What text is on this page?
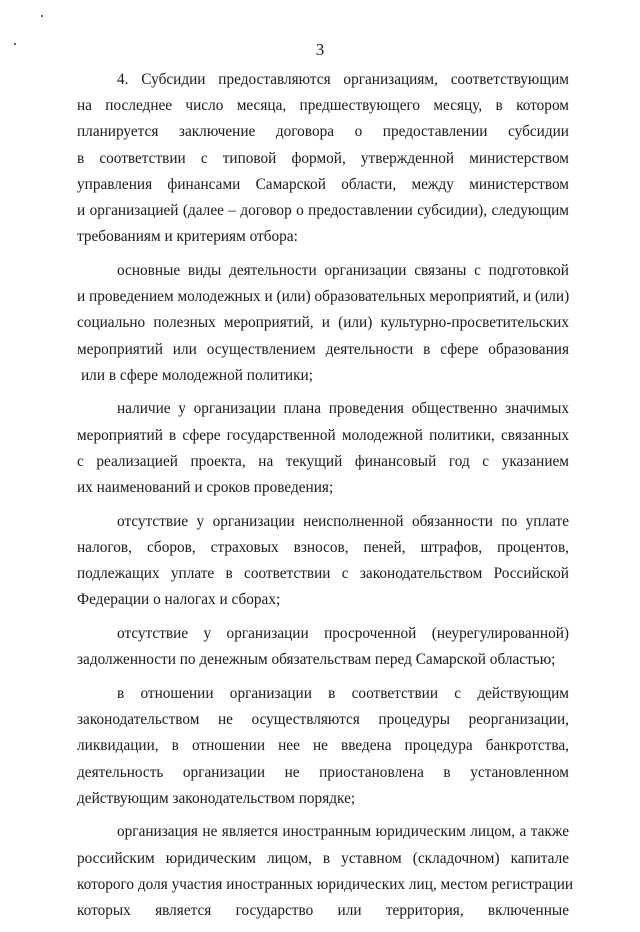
3
4. Субсидии предоставляются организациям, соответствующим
на последнее число месяца, предшествующего месяцу, в котором
планируется заключение договора о предоставлении субсидии
в соответствии с типовой формой, утвержденной министерством
управления финансами Самарской области, между министерством
и организацией (далее – договор о предоставлении субсидии), следующим
требованиям и критериям отбора:
основные виды деятельности организации связаны с подготовкой
и проведением молодежных и (или) образовательных мероприятий, и (или)
социально полезных мероприятий, и (или) культурно-просветительских
мероприятий или осуществлением деятельности в сфере образования
или в сфере молодежной политики;
наличие у организации плана проведения общественно значимых
мероприятий в сфере государственной молодежной политики, связанных
с реализацией проекта, на текущий финансовый год с указанием
их наименований и сроков проведения;
отсутствие у организации неисполненной обязанности по уплате
налогов, сборов, страховых взносов, пеней, штрафов, процентов,
подлежащих уплате в соответствии с законодательством Российской
Федерации о налогах и сборах;
отсутствие у организации просроченной (неурегулированной)
задолженности по денежным обязательствам перед Самарской областью;
в отношении организации в соответствии с действующим
законодательством не осуществляются процедуры реорганизации,
ликвидации, в отношении нее не введена процедура банкротства,
деятельность организации не приостановлена в установленном
действующим законодательством порядке;
организация не является иностранным юридическим лицом, а также
российским юридическим лицом, в уставном (складочном) капитале
которого доля участия иностранных юридических лиц, местом регистрации
которых является государство или территория, включенные
